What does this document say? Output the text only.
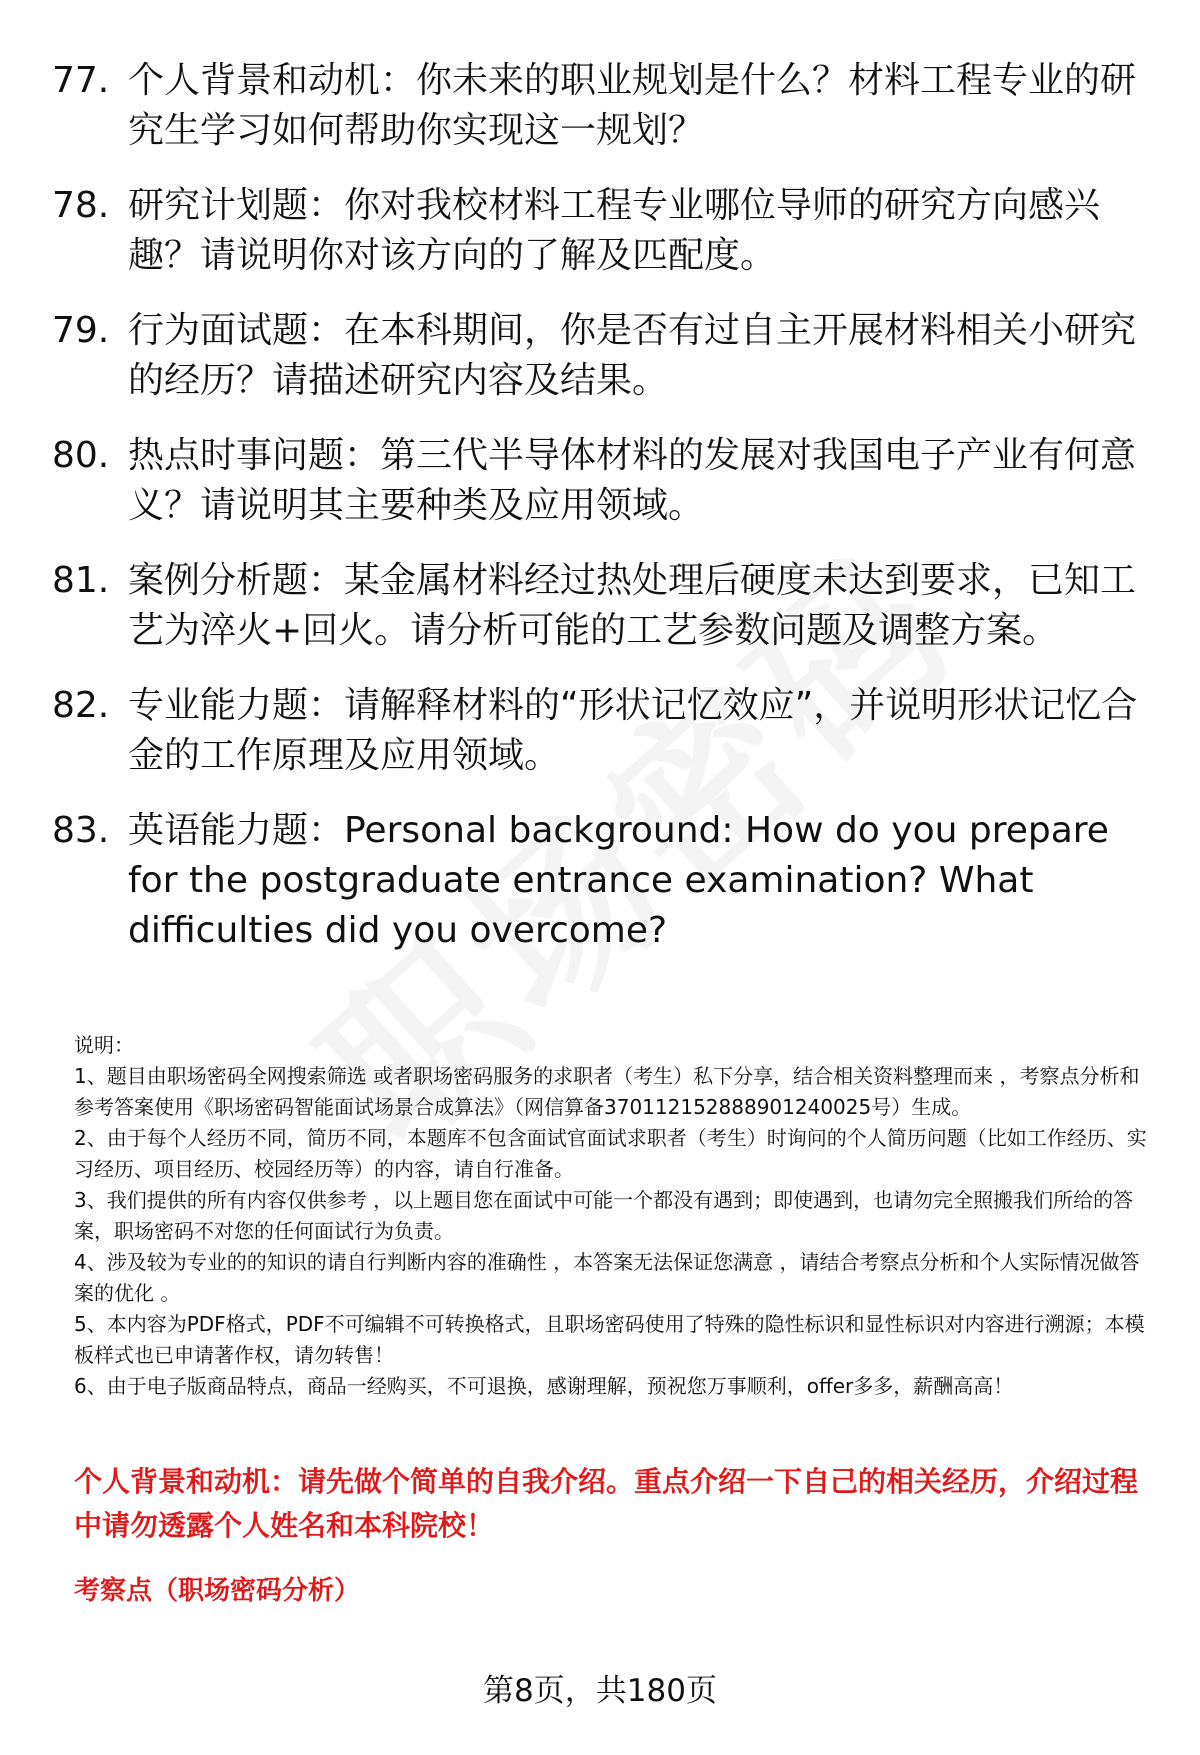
77. 个人背景和动机：你未来的职业规划是什么？材料工程专业的研究生学习如何帮助你实现这一规划？
78. 研究计划题：你对我校材料工程专业哪位导师的研究方向感兴趣？请说明你对该方向的了解及匹配度。
79. 行为面试题：在本科期间，你是否有过自主开展材料相关小研究的经历？请描述研究内容及结果。
80. 热点时事问题：第三代半导体材料的发展对我国电子产业有何意义？请说明其主要种类及应用领域。
81. 案例分析题：某金属材料经过热处理后硬度未达到要求，已知工艺为淬火+回火。请分析可能的工艺参数问题及调整方案。
82. 专业能力题：请解释材料的“形状记忆效应”，并说明形状记忆合金的工作原理及应用领域。
83. 英语能力题：Personal background: How do you prepare for the postgraduate entrance examination? What difficulties did you overcome?

说明：

1、题目由职场密码全网搜索筛选 或者职场密码服务的求职者（考生）私下分享，结合相关资料整理而来 ，考察点分析和参考答案使用《职场密码智能面试场景合成算法》（网信算备370112152888901240025号）生成。

2、由于每个人经历不同，简历不同，本题库不包含面试官面试求职者（考生）时询问的个人简历问题（比如工作经历、实习经历、项目经历、校园经历等）的内容，请自行准备。

3、我们提供的所有内容仅供参考 ，以上题目您在面试中可能一个都没有遇到；即使遇到，也请勿完全照搬我们所给的答案，职场密码不对您的任何面试行为负责。

4、涉及较为专业的的知识的请自行判断内容的准确性 ，本答案无法保证您满意 ，请结合考察点分析和个人实际情况做答案的优化 。

5、本内容为PDF格式，PDF不可编辑不可转换格式，且职场密码使用了特殊的隐性标识和显性标识对内容进行溯源；本模板样式也已申请著作权，请勿转售！

6、由于电子版商品特点，商品一经购买，不可退换，感谢理解，预祝您万事顺利，offer多多，薪酬高高！

个人背景和动机：请先做个简单的自我介绍。重点介绍一下自己的相关经历，介绍过程中请勿透露个人姓名和本科院校！
考察点（职场密码分析）
第8页，共180页
